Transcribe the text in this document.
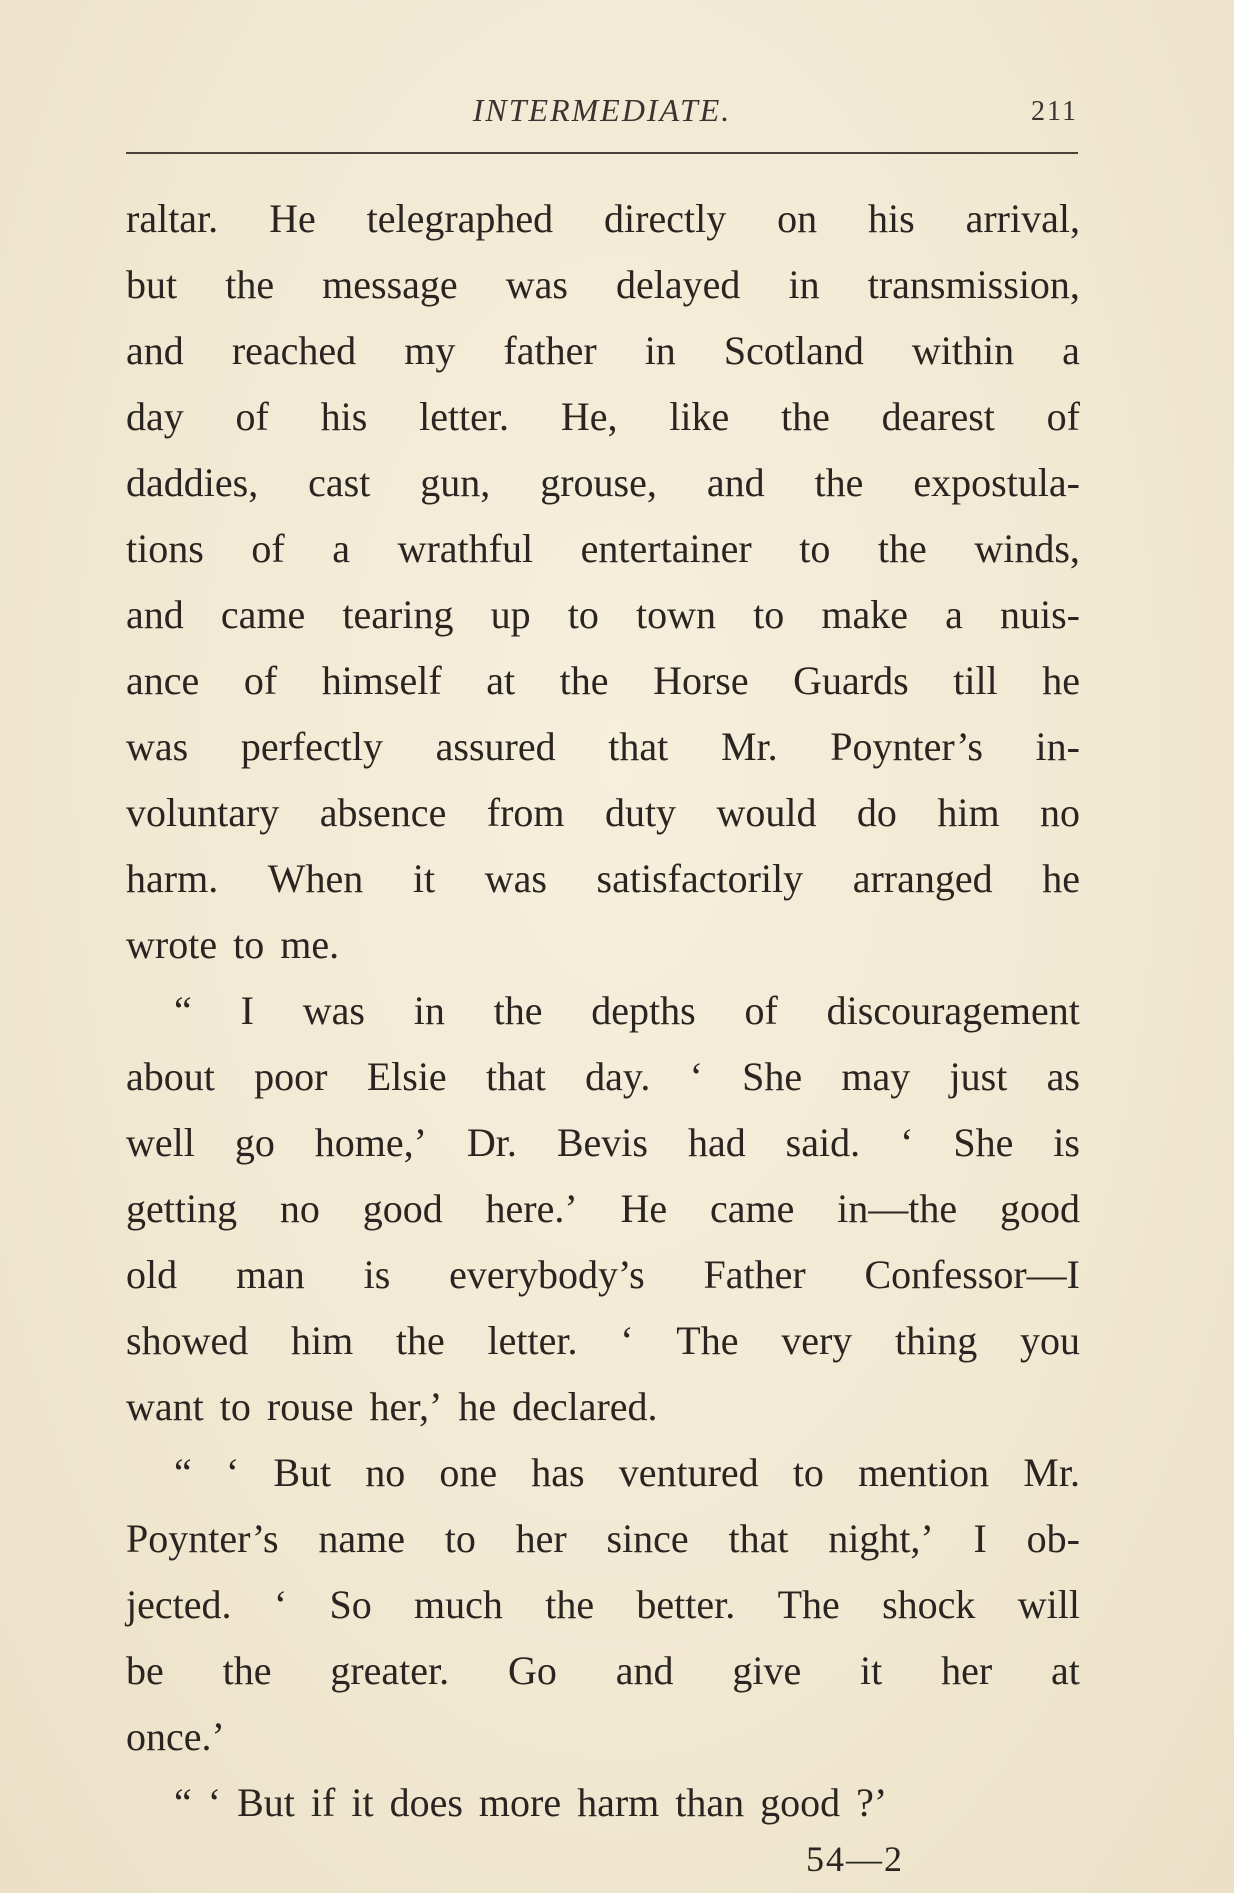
INTERMEDIATE.	211
raltar. He telegraphed directly on his arrival,
but the message was delayed in transmission,
and reached my father in Scotland within a
day of his letter. He, like the dearest of
daddies, cast gun, grouse, and the expostula-
tions of a wrathful entertainer to the winds,
and came tearing up to town to make a nuis-
ance of himself at the Horse Guards till he
was perfectly assured that Mr. Poynter’s in-
voluntary absence from duty would do him no
harm. When it was satisfactorily arranged he
wrote to me.
“ I was in the depths of discouragement
about poor Elsie that day. ‘ She may just as
well go home,’ Dr. Bevis had said. ‘ She is
getting no good here.’ He came in—the good
old man is everybody’s Father Confessor—I
showed him the letter. ‘ The very thing you
want to rouse her,’ he declared.
“ ‘ But no one has ventured to mention Mr.
Poynter’s name to her since that night,’ I ob-
jected. ‘ So much the better. The shock will
be the greater. Go and give it her at
once.’
“ ‘ But if it does more harm than good ?’
54—2
